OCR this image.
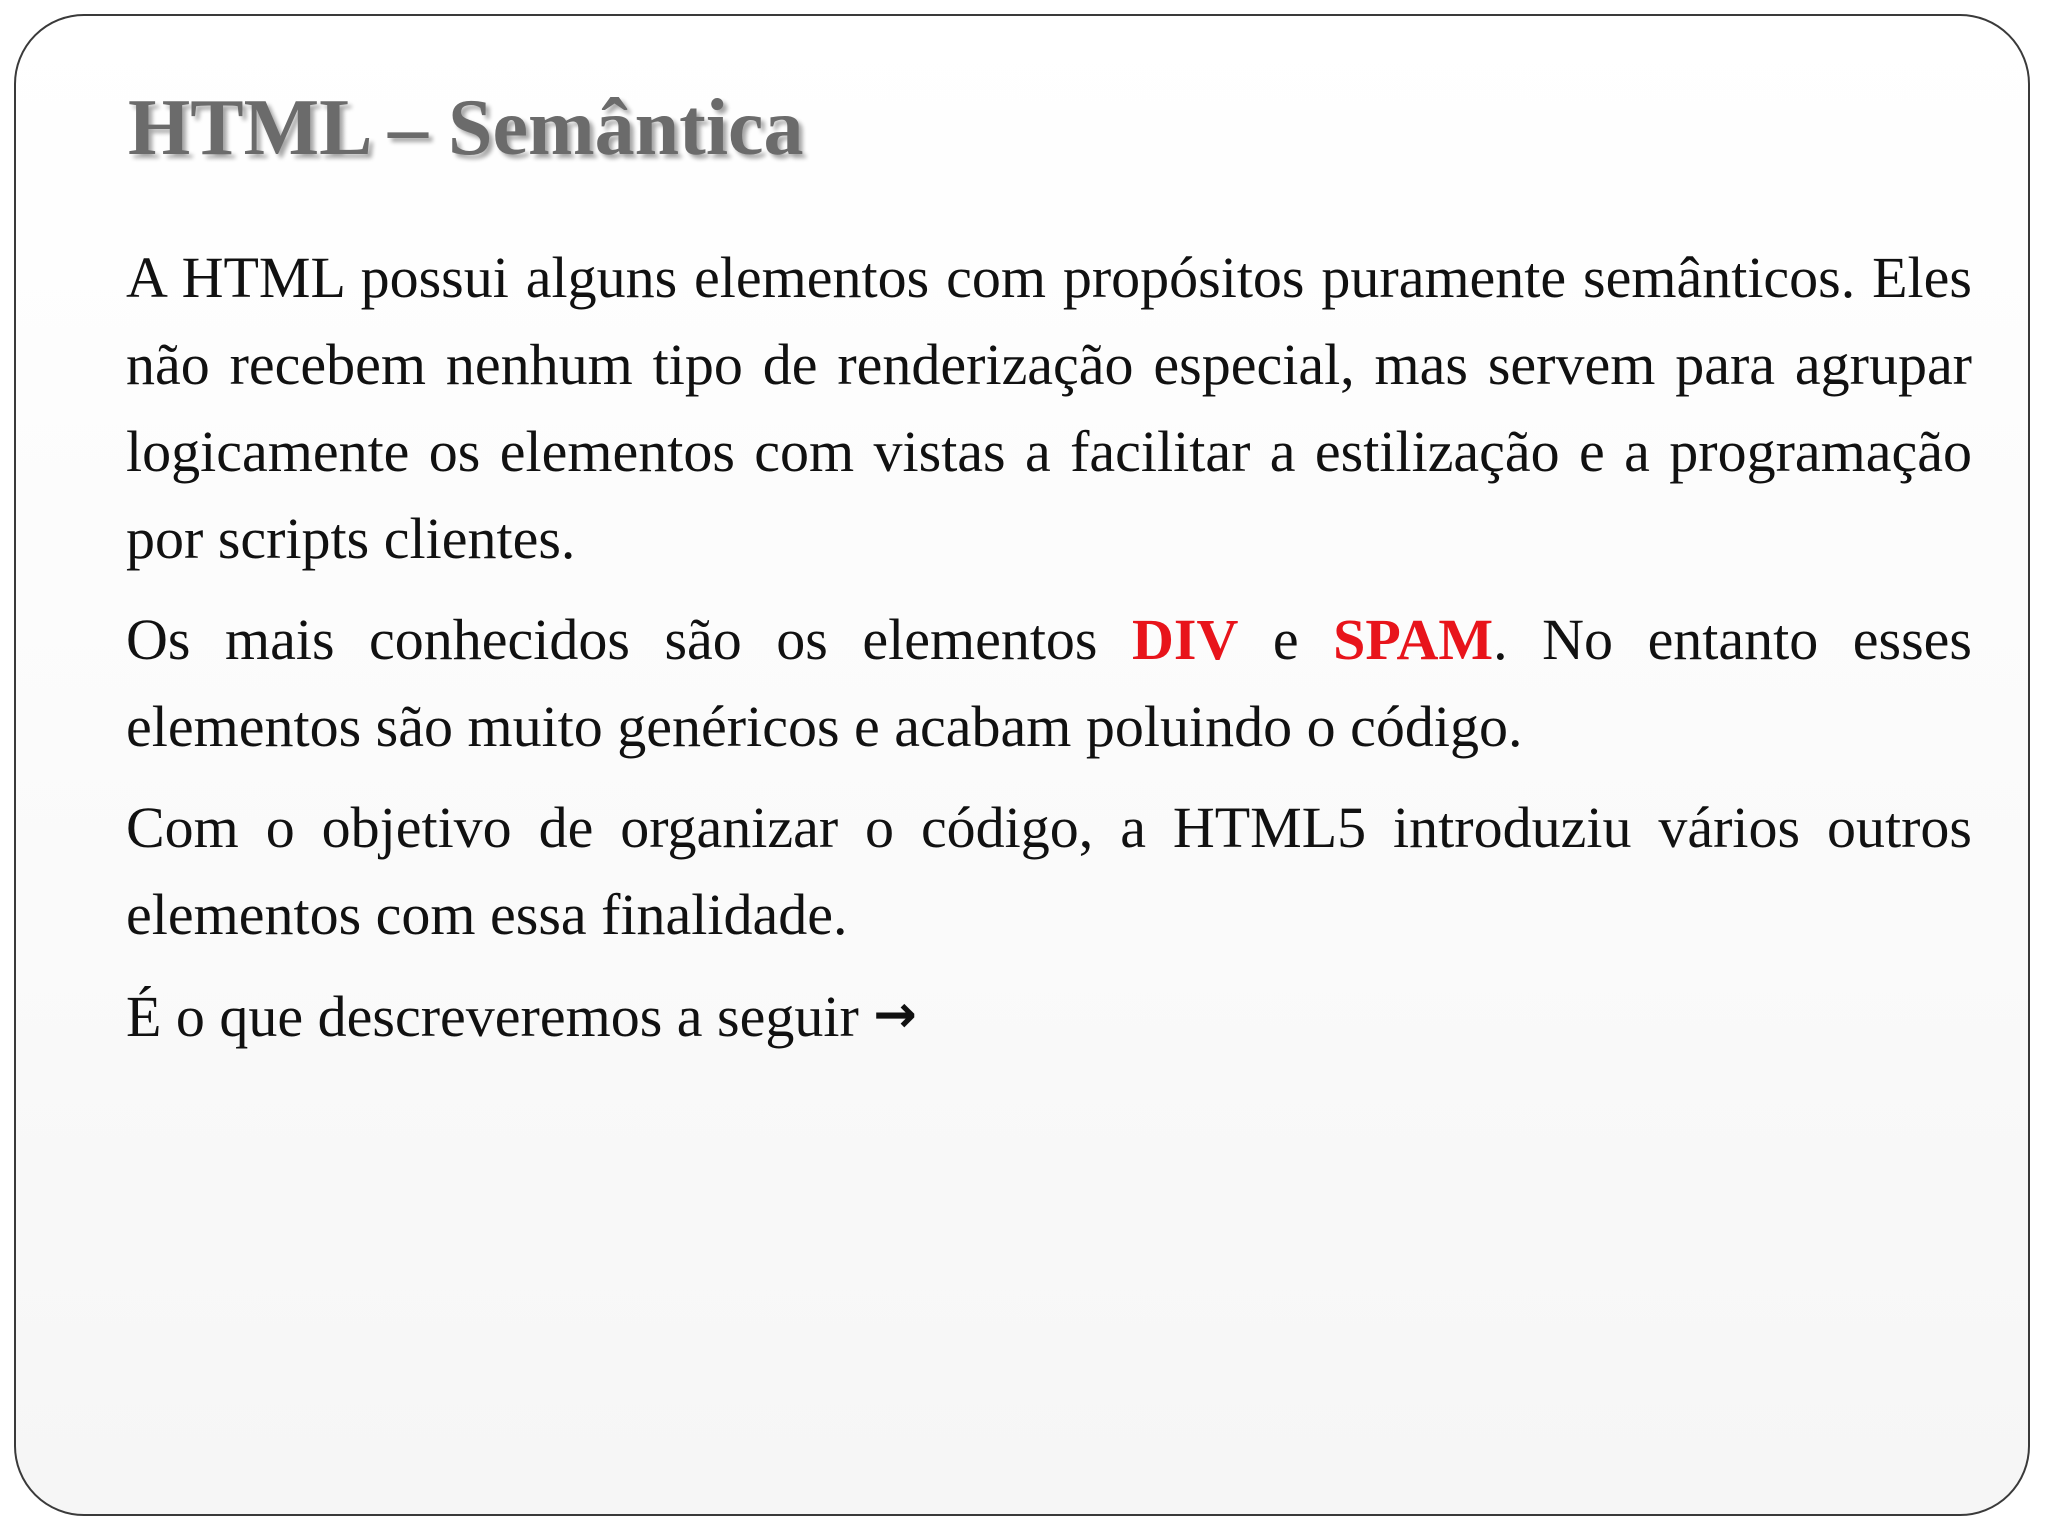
HTML – Semântica

A HTML possui alguns elementos com propósitos puramente semânticos. Eles não recebem nenhum tipo de renderização especial, mas servem para agrupar logicamente os elementos com vistas a facilitar a estilização e a programação por scripts clientes.

Os mais conhecidos são os elementos DIV e SPAM. No entanto esses elementos são muito genéricos e acabam poluindo o código.

Com o objetivo de organizar o código, a HTML5 introduziu vários outros elementos com essa finalidade.

É o que descreveremos a seguir →
